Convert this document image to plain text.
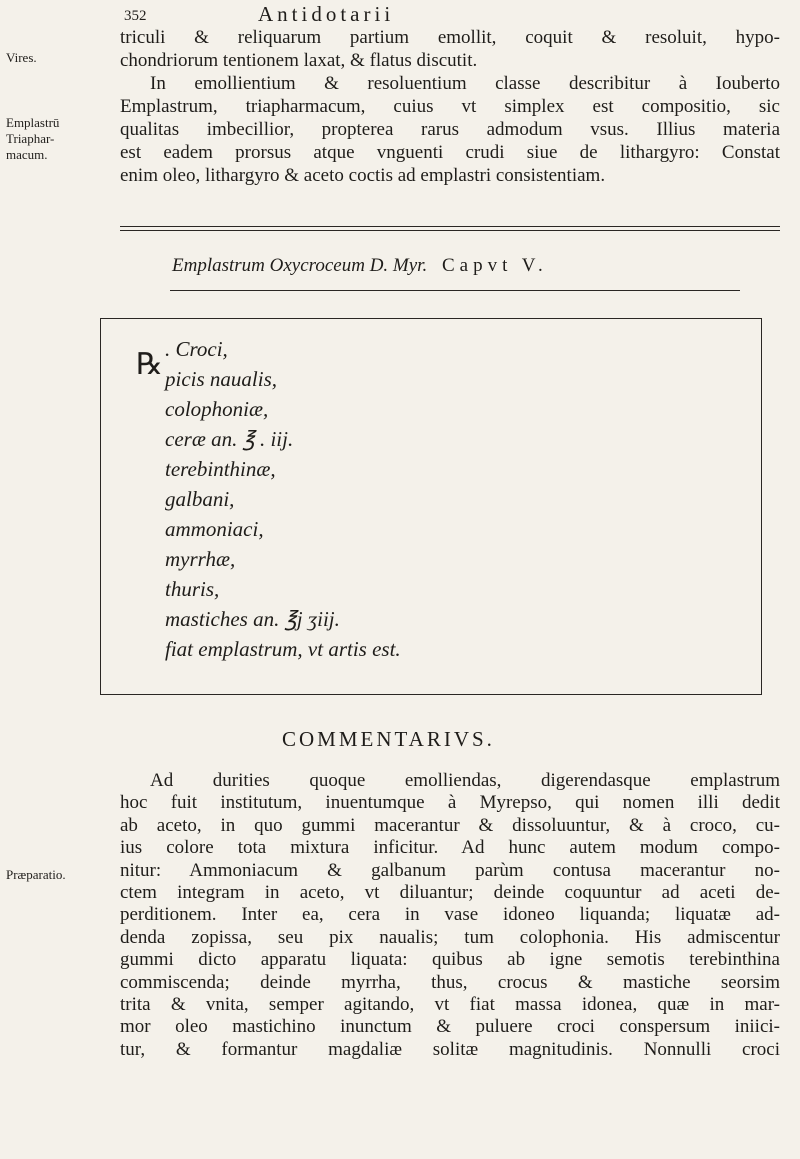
352	Antidotarii
Vires.
Emplastrū
Triaphar-
macum.
Præparatio.
triculi & reliquarum partium emollit, coquit & resoluit, hypo-
chondriorum tentionem laxat, & flatus discutit.
In emollientium & resoluentium classe describitur à Iouberto
Emplastrum, triapharmacum, cuius vt simplex est compositio, sic
qualitas imbecillior, propterea rarus admodum vsus. Illius materia
est eadem prorsus atque vnguenti crudi siue de lithargyro: Constat
enim oleo, lithargyro & aceto coctis ad emplastri consistentiam.
Emplastrum Oxycroceum D. Myr. Capvt V.
℞ . Croci,
picis naualis,
colophoniæ,
ceræ an. ℥ . iij.
terebinthinæ,
galbani,
ammoniaci,
myrrhæ,
thuris,
mastiches an. ℥j ʒiij.
fiat emplastrum, vt artis est.
COMMENTARIVS.
Ad durities quoque emolliendas, digerendasque emplastrum
hoc fuit institutum, inuentumque à Myrepso, qui nomen illi dedit
ab aceto, in quo gummi macerantur & dissoluuntur, & à croco, cu-
ius colore tota mixtura inficitur. Ad hunc autem modum compo-
nitur: Ammoniacum & galbanum parùm contusa macerantur no-
ctem integram in aceto, vt diluantur; deinde coquuntur ad aceti de-
perditionem. Inter ea, cera in vase idoneo liquanda; liquatæ ad-
denda zopissa, seu pix naualis; tum colophonia. His admiscentur
gummi dicto apparatu liquata: quibus ab igne semotis terebinthina
commiscenda; deinde myrrha, thus, crocus & mastiche seorsim
trita & vnita, semper agitando, vt fiat massa idonea, quæ in mar-
mor oleo mastichino inunctum & puluere croci conspersum iniici-
tur, & formantur magdaliæ solitæ magnitudinis. Nonnulli croci
